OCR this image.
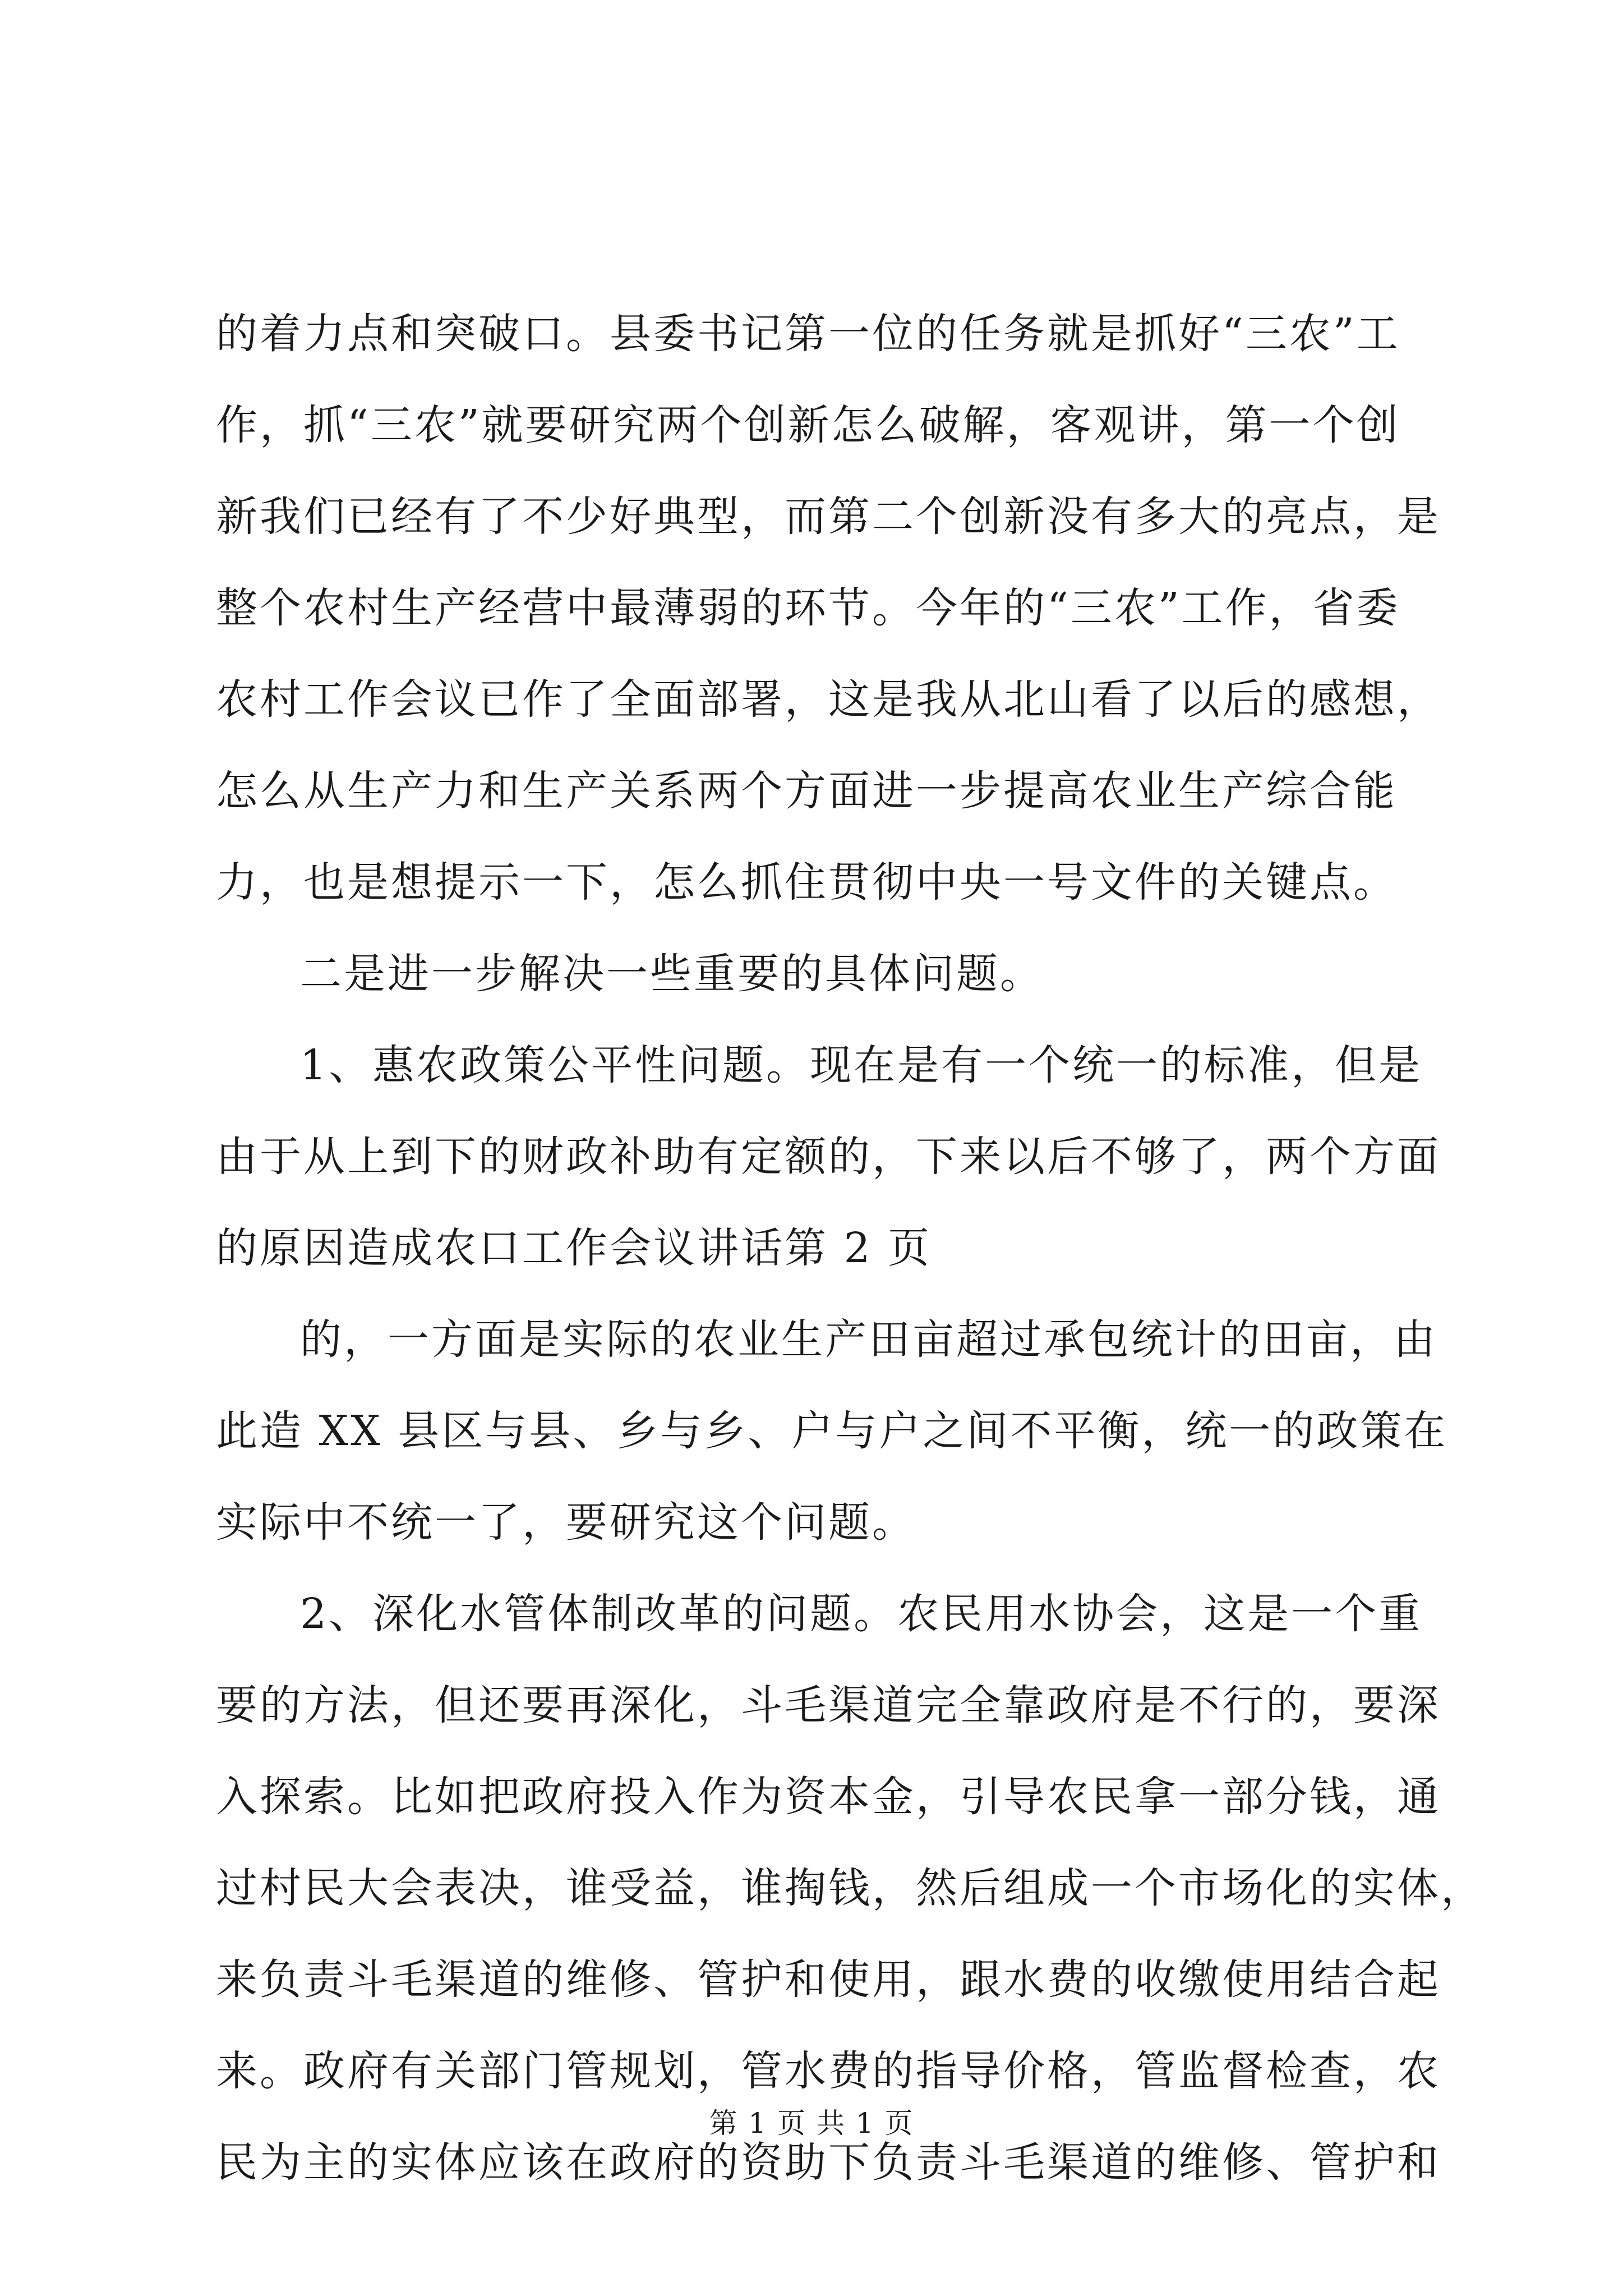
的着力点和突破口。县委书记第一位的任务就是抓好“三农”工
作，抓“三农”就要研究两个创新怎么破解，客观讲，第一个创
新我们已经有了不少好典型，而第二个创新没有多大的亮点，是
整个农村生产经营中最薄弱的环节。今年的“三农”工作，省委
农村工作会议已作了全面部署，这是我从北山看了以后的感想，
怎么从生产力和生产关系两个方面进一步提高农业生产综合能
力，也是想提示一下，怎么抓住贯彻中央一号文件的关键点。
二是进一步解决一些重要的具体问题。
1、惠农政策公平性问题。现在是有一个统一的标准，但是
由于从上到下的财政补助有定额的，下来以后不够了，两个方面
的原因造成农口工作会议讲话第 2 页
的，一方面是实际的农业生产田亩超过承包统计的田亩，由
此造 XX 县区与县、乡与乡、户与户之间不平衡，统一的政策在
实际中不统一了，要研究这个问题。
2、深化水管体制改革的问题。农民用水协会，这是一个重
要的方法，但还要再深化，斗毛渠道完全靠政府是不行的，要深
入探索。比如把政府投入作为资本金，引导农民拿一部分钱，通
过村民大会表决，谁受益，谁掏钱，然后组成一个市场化的实体，
来负责斗毛渠道的维修、管护和使用，跟水费的收缴使用结合起
来。政府有关部门管规划，管水费的指导价格，管监督检查，农
民为主的实体应该在政府的资助下负责斗毛渠道的维修、管护和
第 1 页 共 1 页
